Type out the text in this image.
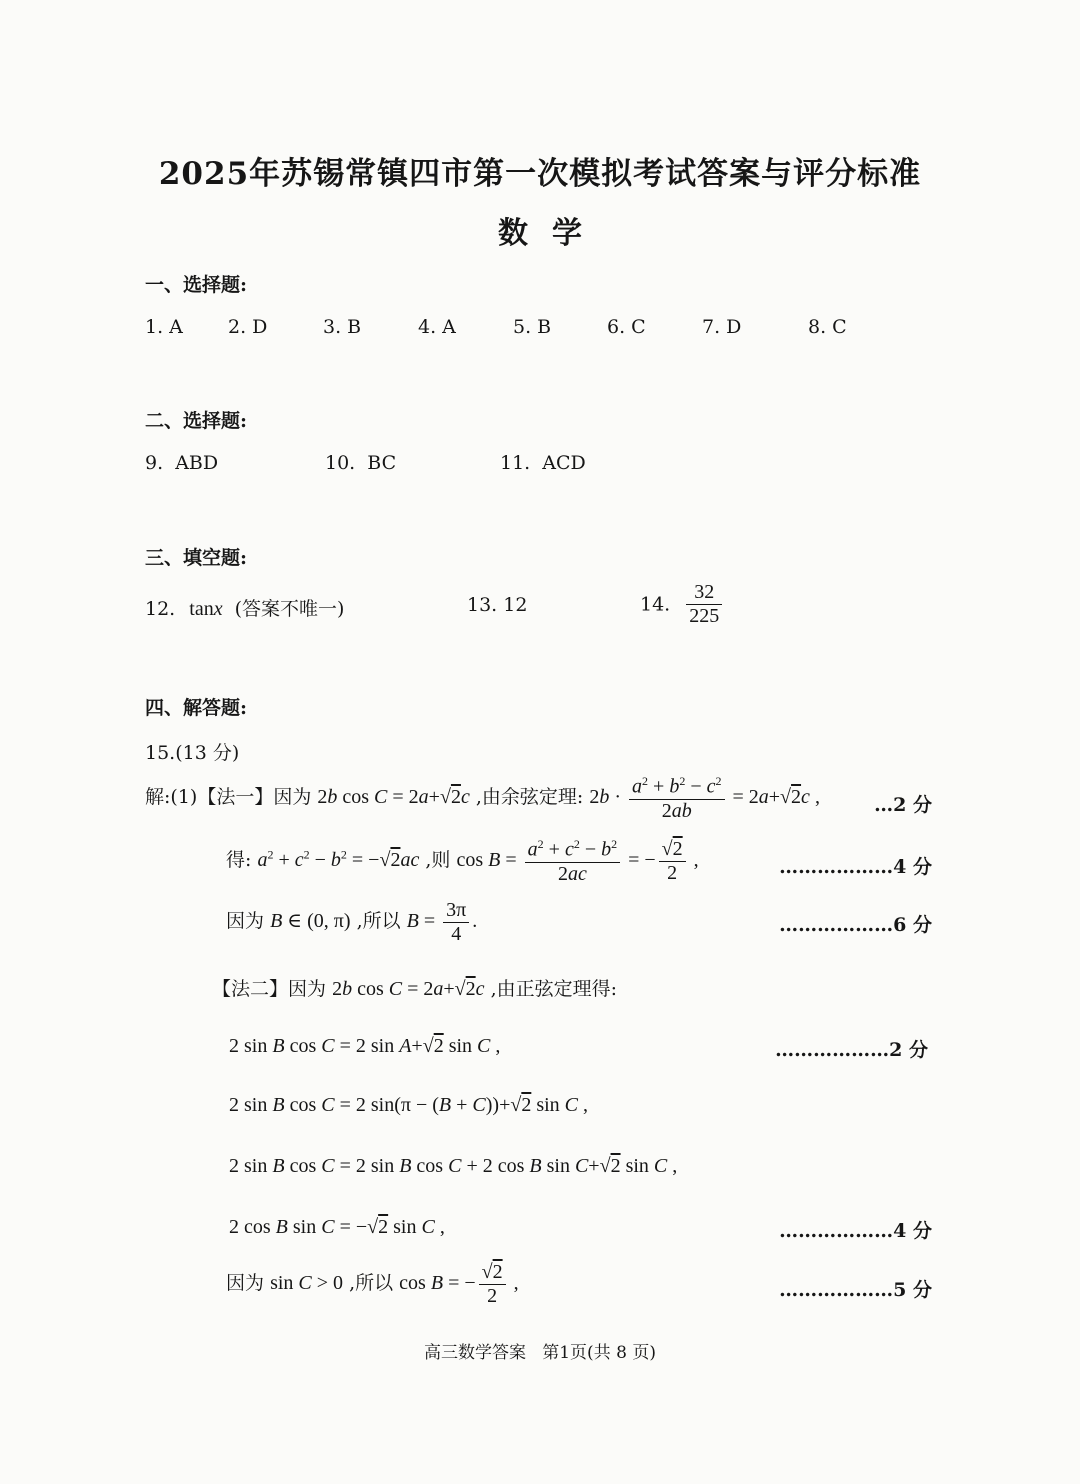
2025年苏锡常镇四市第一次模拟考试答案与评分标准
数学
一、选择题:
1. A 2. D	3. B	4. A	5. B	6. C	7. D	8. C
二、选择题:
9.  ABD	10.  BC	11.  ACD
三、填空题:
12. tanx (答案不唯一)	13. 12	14. $\frac{32}{225}$
四、解答题:
15.(13 分)
解:(1)【法一】因为 2b cos C = 2a+√2c ,由余弦定理: $2b \cdot \frac{a^2 + b^2 - c^2}{2ab} = 2a+√2c$ ,	…2 分
得: $a^2 + c^2 - b^2 = -√2ac$ ,则 $\cos B = \frac{a^2 + c^2 - b^2}{2ac}$ = − $\frac{√2}{2}$ ,	………………4 分
因为 B ∈ (0, π) ,所以 $B = \frac{3\pi}{4}$ .	………………6 分
【法二】因为 2b cos C = 2a+√2c ,由正弦定理得:
2 sin B cos C = 2 sin A+√2 sin C ,	………………2 分
2 sin B cos C = 2 sin(π − (B + C))+√2 sin C ,
2 sin B cos C = 2 sin B cos C + 2 cos B sin C+√2 sin C ,
2 cos B sin C = −√2 sin C ,	………………4 分
因为 sin C > 0 ,所以 cos B = − $\frac{√2}{2}$ ,	………………5 分
高三数学答案   第1页(共 8 页)
